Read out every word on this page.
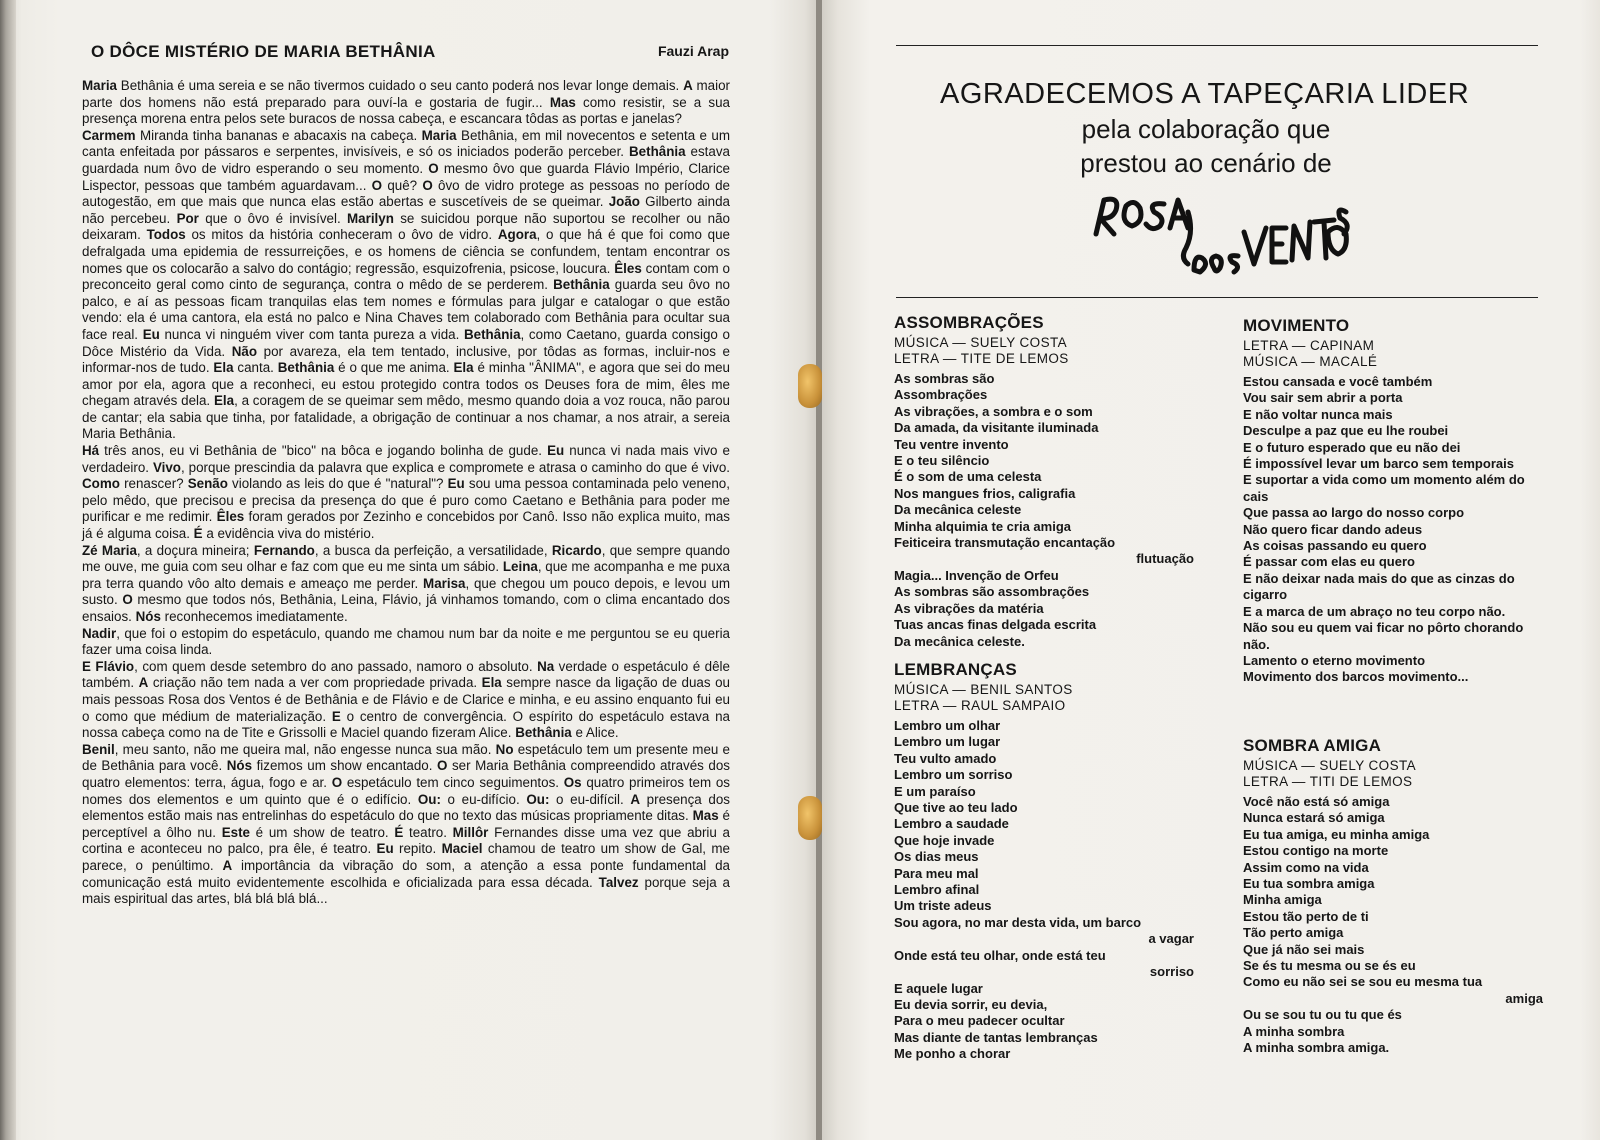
O DÔCE MISTÉRIO DE MARIA BETHÂNIA	Fauzi Arap

Maria Bethânia é uma sereia e se não tivermos cuidado o seu canto poderá nos levar longe demais. A maior parte dos homens não está preparado para ouví-la e gostaria de fugir... Mas como resistir, se a sua presença morena entra pelos sete buracos de nossa cabeça, e escancara tôdas as portas e janelas?

Carmem Miranda tinha bananas e abacaxis na cabeça. Maria Bethânia, em mil novecentos e setenta e um canta enfeitada por pássaros e serpentes, invisíveis, e só os iniciados poderão perceber. Bethânia estava guardada num ôvo de vidro esperando o seu momento. O mesmo ôvo que guarda Flávio Império, Clarice Lispector, pessoas que também aguardavam... O quê? O ôvo de vidro protege as pessoas no período de autogestão, em que mais que nunca elas estão abertas e suscetíveis de se queimar. João Gilberto ainda não percebeu. Por que o ôvo é invisível. Marilyn se suicidou porque não suportou se recolher ou não deixaram. Todos os mitos da história conheceram o ôvo de vidro. Agora, o que há é que foi como que defralgada uma epidemia de ressurreições, e os homens de ciência se confundem, tentam encontrar os nomes que os colocarão a salvo do contágio; regressão, esquizofrenia, psicose, loucura. Êles contam com o preconceito geral como cinto de segurança, contra o mêdo de se perderem. Bethânia guarda seu ôvo no palco, e aí as pessoas ficam tranquilas elas tem nomes e fórmulas para julgar e catalogar o que estão vendo: ela é uma cantora, ela está no palco e Nina Chaves tem colaborado com Bethânia para ocultar sua face real. Eu nunca vi ninguém viver com tanta pureza a vida. Bethânia, como Caetano, guarda consigo o Dôce Mistério da Vida. Não por avareza, ela tem tentado, inclusive, por tôdas as formas, incluir-nos e informar-nos de tudo. Ela canta. Bethânia é o que me anima. Ela é minha "ÂNIMA", e agora que sei do meu amor por ela, agora que a reconheci, eu estou protegido contra todos os Deuses fora de mim, êles me chegam através dela. Ela, a coragem de se queimar sem mêdo, mesmo quando doia a voz rouca, não parou de cantar; ela sabia que tinha, por fatalidade, a obrigação de continuar a nos chamar, a nos atrair, a sereia Maria Bethânia.

Há três anos, eu vi Bethânia de "bico" na bôca e jogando bolinha de gude. Eu nunca vi nada mais vivo e verdadeiro. Vivo, porque prescindia da palavra que explica e compromete e atrasa o caminho do que é vivo. Como renascer? Senão violando as leis do que é "natural"? Eu sou uma pessoa contaminada pelo veneno, pelo mêdo, que precisou e precisa da presença do que é puro como Caetano e Bethânia para poder me purificar e me redimir. Êles foram gerados por Zezinho e concebidos por Canô. Isso não explica muito, mas já é alguma coisa. É a evidência viva do mistério.

Zé Maria, a doçura mineira; Fernando, a busca da perfeição, a versatilidade, Ricardo, que sempre quando me ouve, me guia com seu olhar e faz com que eu me sinta um sábio. Leina, que me acompanha e me puxa pra terra quando vôo alto demais e ameaço me perder. Marisa, que chegou um pouco depois, e levou um susto. O mesmo que todos nós, Bethânia, Leina, Flávio, já vinhamos tomando, com o clima encantado dos ensaios. Nós reconhecemos imediatamente.

Nadir, que foi o estopim do espetáculo, quando me chamou num bar da noite e me perguntou se eu queria fazer uma coisa linda.

E Flávio, com quem desde setembro do ano passado, namoro o absoluto. Na verdade o espetáculo é dêle também. A criação não tem nada a ver com propriedade privada. Ela sempre nasce da ligação de duas ou mais pessoas Rosa dos Ventos é de Bethânia e de Flávio e de Clarice e minha, e eu assino enquanto fui eu o como que médium de materialização. E o centro de convergência. O espírito do espetáculo estava na nossa cabeça como na de Tite e Grissolli e Maciel quando fizeram Alice. Bethânia e Alice.

Benil, meu santo, não me queira mal, não engesse nunca sua mão. No espetáculo tem um presente meu e de Bethânia para você. Nós fizemos um show encantado. O ser Maria Bethânia compreendido através dos quatro elementos: terra, água, fogo e ar. O espetáculo tem cinco seguimentos. Os quatro primeiros tem os nomes dos elementos e um quinto que é o edifício. Ou: o eu-difício. Ou: o eu-difícil. A presença dos elementos estão mais nas entrelinhas do espetáculo do que no texto das músicas propriamente ditas. Mas é perceptível a ôlho nu. Este é um show de teatro. É teatro. Millôr Fernandes disse uma vez que abriu a cortina e aconteceu no palco, pra êle, é teatro. Eu repito. Maciel chamou de teatro um show de Gal, me parece, o penúltimo. A importância da vibração do som, a atenção a essa ponte fundamental da comunicação está muito evidentemente escolhida e oficializada para essa década. Talvez porque seja a mais espiritual das artes, blá blá blá blá...

AGRADECEMOS A TAPEÇARIA LIDER
pela colaboração que
prestou ao cenário de
ASSOMBRAÇÕES
MÚSICA — SUELY COSTA
LETRA — TITE DE LEMOS
As sombras são
Assombrações
As vibrações, a sombra e o som
Da amada, da visitante iluminada
Teu ventre invento
E o teu silêncio
É o som de uma celesta
Nos mangues frios, caligrafia
Da mecânica celeste
Minha alquimia te cria amiga
Feiticeira transmutação encantação
flutuação
Magia... Invenção de Orfeu
As sombras são assombrações
As vibrações da matéria
Tuas ancas finas delgada escrita
Da mecânica celeste.
LEMBRANÇAS
MÚSICA — BENIL SANTOS
LETRA — RAUL SAMPAIO
Lembro um olhar
Lembro um lugar
Teu vulto amado
Lembro um sorriso
E um paraíso
Que tive ao teu lado
Lembro a saudade
Que hoje invade
Os dias meus
Para meu mal
Lembro afinal
Um triste adeus
Sou agora, no mar desta vida, um barco
a vagar
Onde está teu olhar, onde está teu
sorriso
E aquele lugar
Eu devia sorrir, eu devia,
Para o meu padecer ocultar
Mas diante de tantas lembranças
Me ponho a chorar
MOVIMENTO
LETRA — CAPINAM
MÚSICA — MACALÉ
Estou cansada e você também
Vou sair sem abrir a porta
E não voltar nunca mais
Desculpe a paz que eu lhe roubei
E o futuro esperado que eu não dei
É impossível levar um barco sem temporais
E suportar a vida como um momento além do cais
Que passa ao largo do nosso corpo
Não quero ficar dando adeus
As coisas passando eu quero
É passar com elas eu quero
E não deixar nada mais do que as cinzas do cigarro
E a marca de um abraço no teu corpo não.
Não sou eu quem vai ficar no pôrto chorando não.
Lamento o eterno movimento
Movimento dos barcos movimento...
SOMBRA AMIGA
MÚSICA — SUELY COSTA
LETRA — TITI DE LEMOS
Você não está só amiga
Nunca estará só amiga
Eu tua amiga, eu minha amiga
Estou contigo na morte
Assim como na vida
Eu tua sombra amiga
Minha amiga
Estou tão perto de ti
Tão perto amiga
Que já não sei mais
Se és tu mesma ou se és eu
Como eu não sei se sou eu mesma tua
amiga
Ou se sou tu ou tu que és
A minha sombra
A minha sombra amiga.
